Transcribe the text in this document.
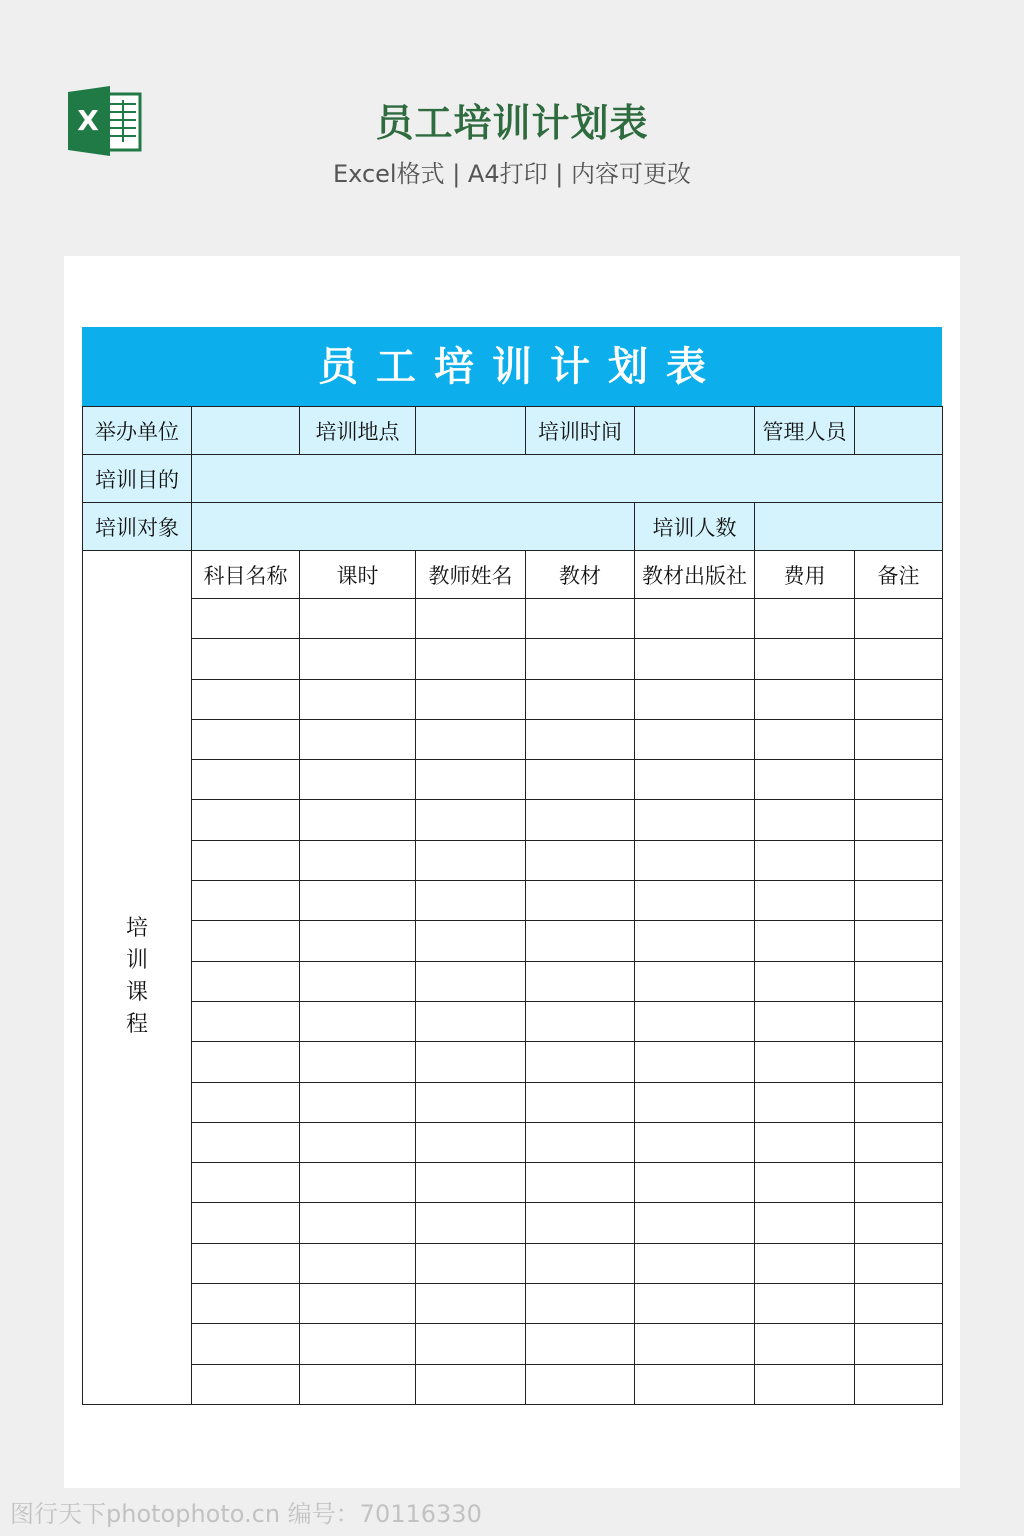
X	员工培训计划表
Excel格式 | A4打印 | 内容可更改
员工培训计划表
举办单位		培训地点		培训时间		管理人员	
培训目的							
培训对象					培训人数		
培训课程	科目名称	课时	教师姓名	教材	教材出版社	费用	备注

图行天下photophoto.cn 编号：70116330
